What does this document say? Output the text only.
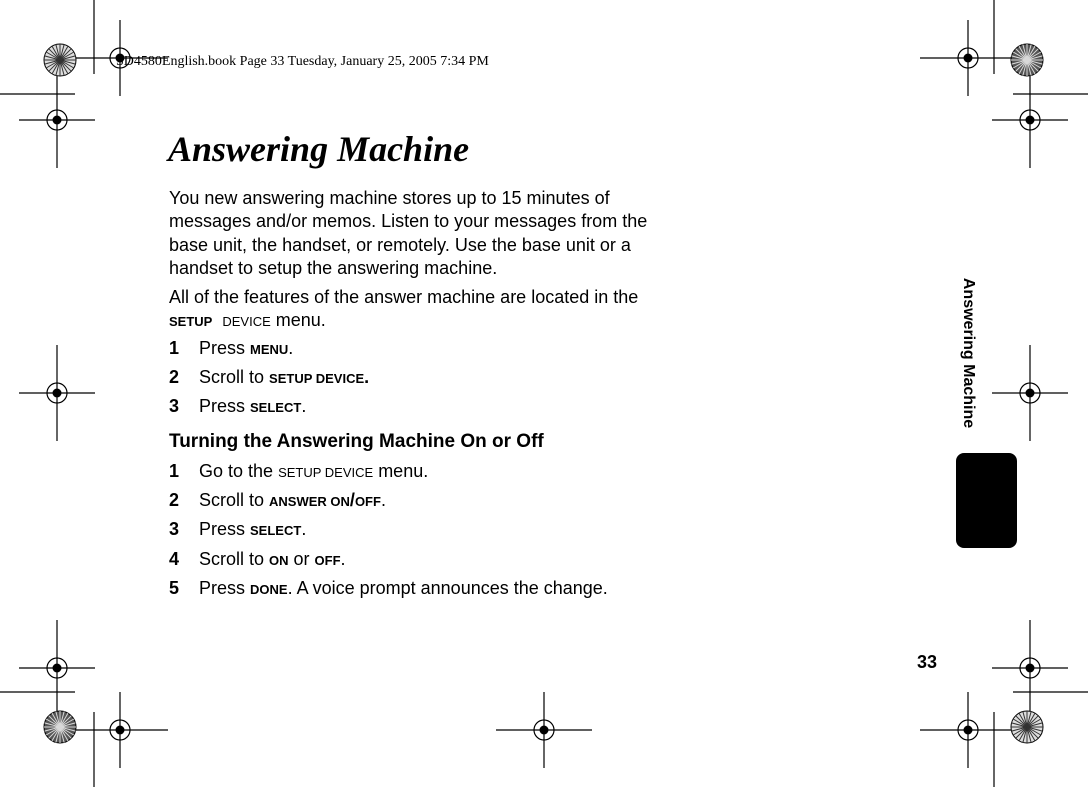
SD4580English.book Page 33 Tuesday, January 25, 2005 7:34 PM
Answering Machine

You new answering machine stores up to 15 minutes of messages and/or memos. Listen to your messages from the base unit, the handset, or remotely. Use the base unit or a handset to setup the answering machine.

All of the features of the answer machine are located in the SETUP DEVICE menu.

1 Press MENU.
2 Scroll to SETUP DEVICE.
3 Press SELECT.
Turning the Answering Machine On or Off
1 Go to the SETUP DEVICE menu.
2 Scroll to ANSWER ON/OFF.
3 Press SELECT.
4 Scroll to ON or OFF.
5 Press DONE. A voice prompt announces the change.
Answering Machine
33
